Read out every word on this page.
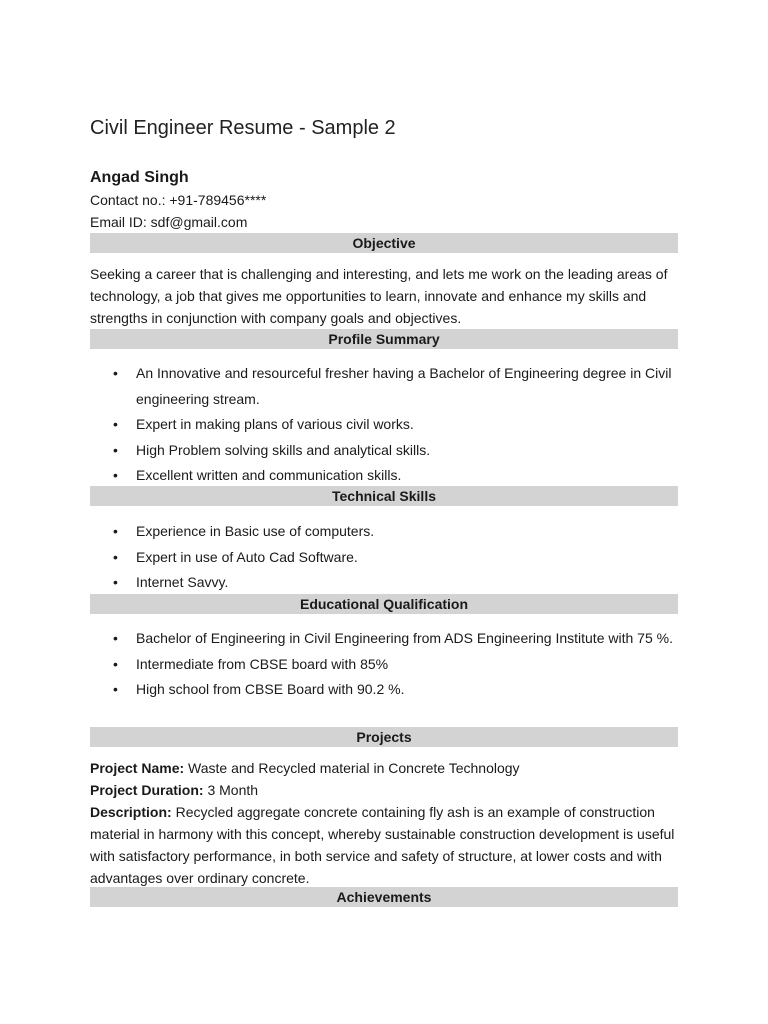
Civil Engineer Resume - Sample 2
Angad Singh
Contact no.: +91-789456****
Email ID: sdf@gmail.com
Objective
Seeking a career that is challenging and interesting, and lets me work on the leading areas of technology, a job that gives me opportunities to learn, innovate and enhance my skills and strengths in conjunction with company goals and objectives.
Profile Summary
• An Innovative and resourceful fresher having a Bachelor of Engineering degree in Civil engineering stream.
• Expert in making plans of various civil works.
• High Problem solving skills and analytical skills.
• Excellent written and communication skills.
Technical Skills
• Experience in Basic use of computers.
• Expert in use of Auto Cad Software.
• Internet Savvy.
Educational Qualification
• Bachelor of Engineering in Civil Engineering from ADS Engineering Institute with 75 %.
• Intermediate from CBSE board with 85%
• High school from CBSE Board with 90.2 %.
Projects
Project Name: Waste and Recycled material in Concrete Technology
Project Duration: 3 Month
Description: Recycled aggregate concrete containing fly ash is an example of construction material in harmony with this concept, whereby sustainable construction development is useful with satisfactory performance, in both service and safety of structure, at lower costs and with advantages over ordinary concrete.
Achievements
